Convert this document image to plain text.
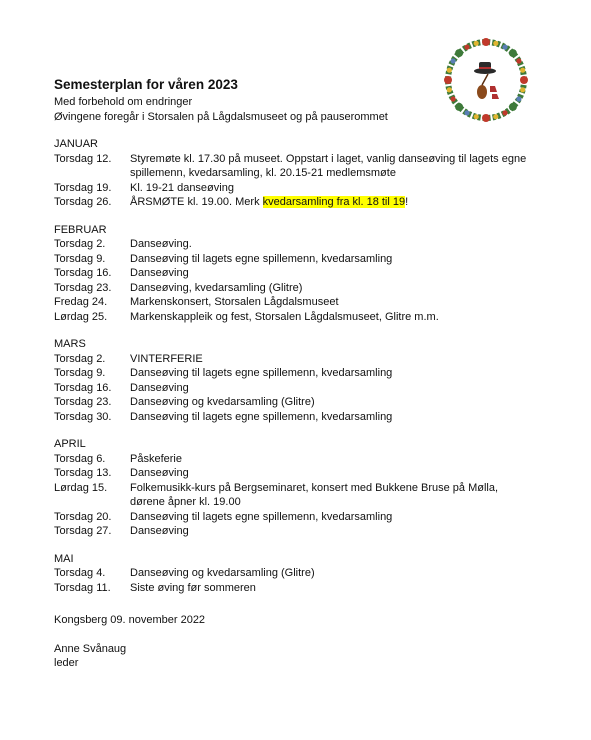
Semesterplan for våren 2023
Med forbehold om endringer
Øvingene foregår i Storsalen på Lågdalsmuseet og på pauserommet
JANUAR
Torsdag 12.	Styremøte kl. 17.30 på museet. Oppstart i laget, vanlig danseøving til lagets egne spillemenn, kvedarsamling, kl. 20.15-21 medlemsmøte
Torsdag 19.	Kl. 19-21 danseøving
Torsdag 26.	ÅRSMØTE kl. 19.00. Merk kvedarsamling fra kl. 18 til 19!
FEBRUAR
Torsdag 2.	Danseøving.
Torsdag 9.	Danseøving til lagets egne spillemenn, kvedarsamling
Torsdag 16.	Danseøving
Torsdag 23.	Danseøving, kvedarsamling (Glitre)
Fredag 24.	Markenskonsert, Storsalen Lågdalsmuseet
Lørdag 25.	Markenskappleik og fest, Storsalen Lågdalsmuseet, Glitre m.m.
MARS
Torsdag 2.	VINTERFERIE
Torsdag 9.	Danseøving til lagets egne spillemenn, kvedarsamling
Torsdag 16.	Danseøving
Torsdag 23.	Danseøving og kvedarsamling (Glitre)
Torsdag 30.	Danseøving til lagets egne spillemenn, kvedarsamling
APRIL
Torsdag 6.	Påskeferie
Torsdag 13.	Danseøving
Lørdag 15.	Folkemusikk-kurs på Bergseminaret, konsert med Bukkene Bruse på Mølla, dørene åpner kl. 19.00
Torsdag 20.	Danseøving til lagets egne spillemenn, kvedarsamling
Torsdag 27.	Danseøving
MAI
Torsdag 4.	Danseøving og kvedarsamling (Glitre)
Torsdag 11.	Siste øving før sommeren
Kongsberg 09. november 2022
Anne Svånaug
leder
